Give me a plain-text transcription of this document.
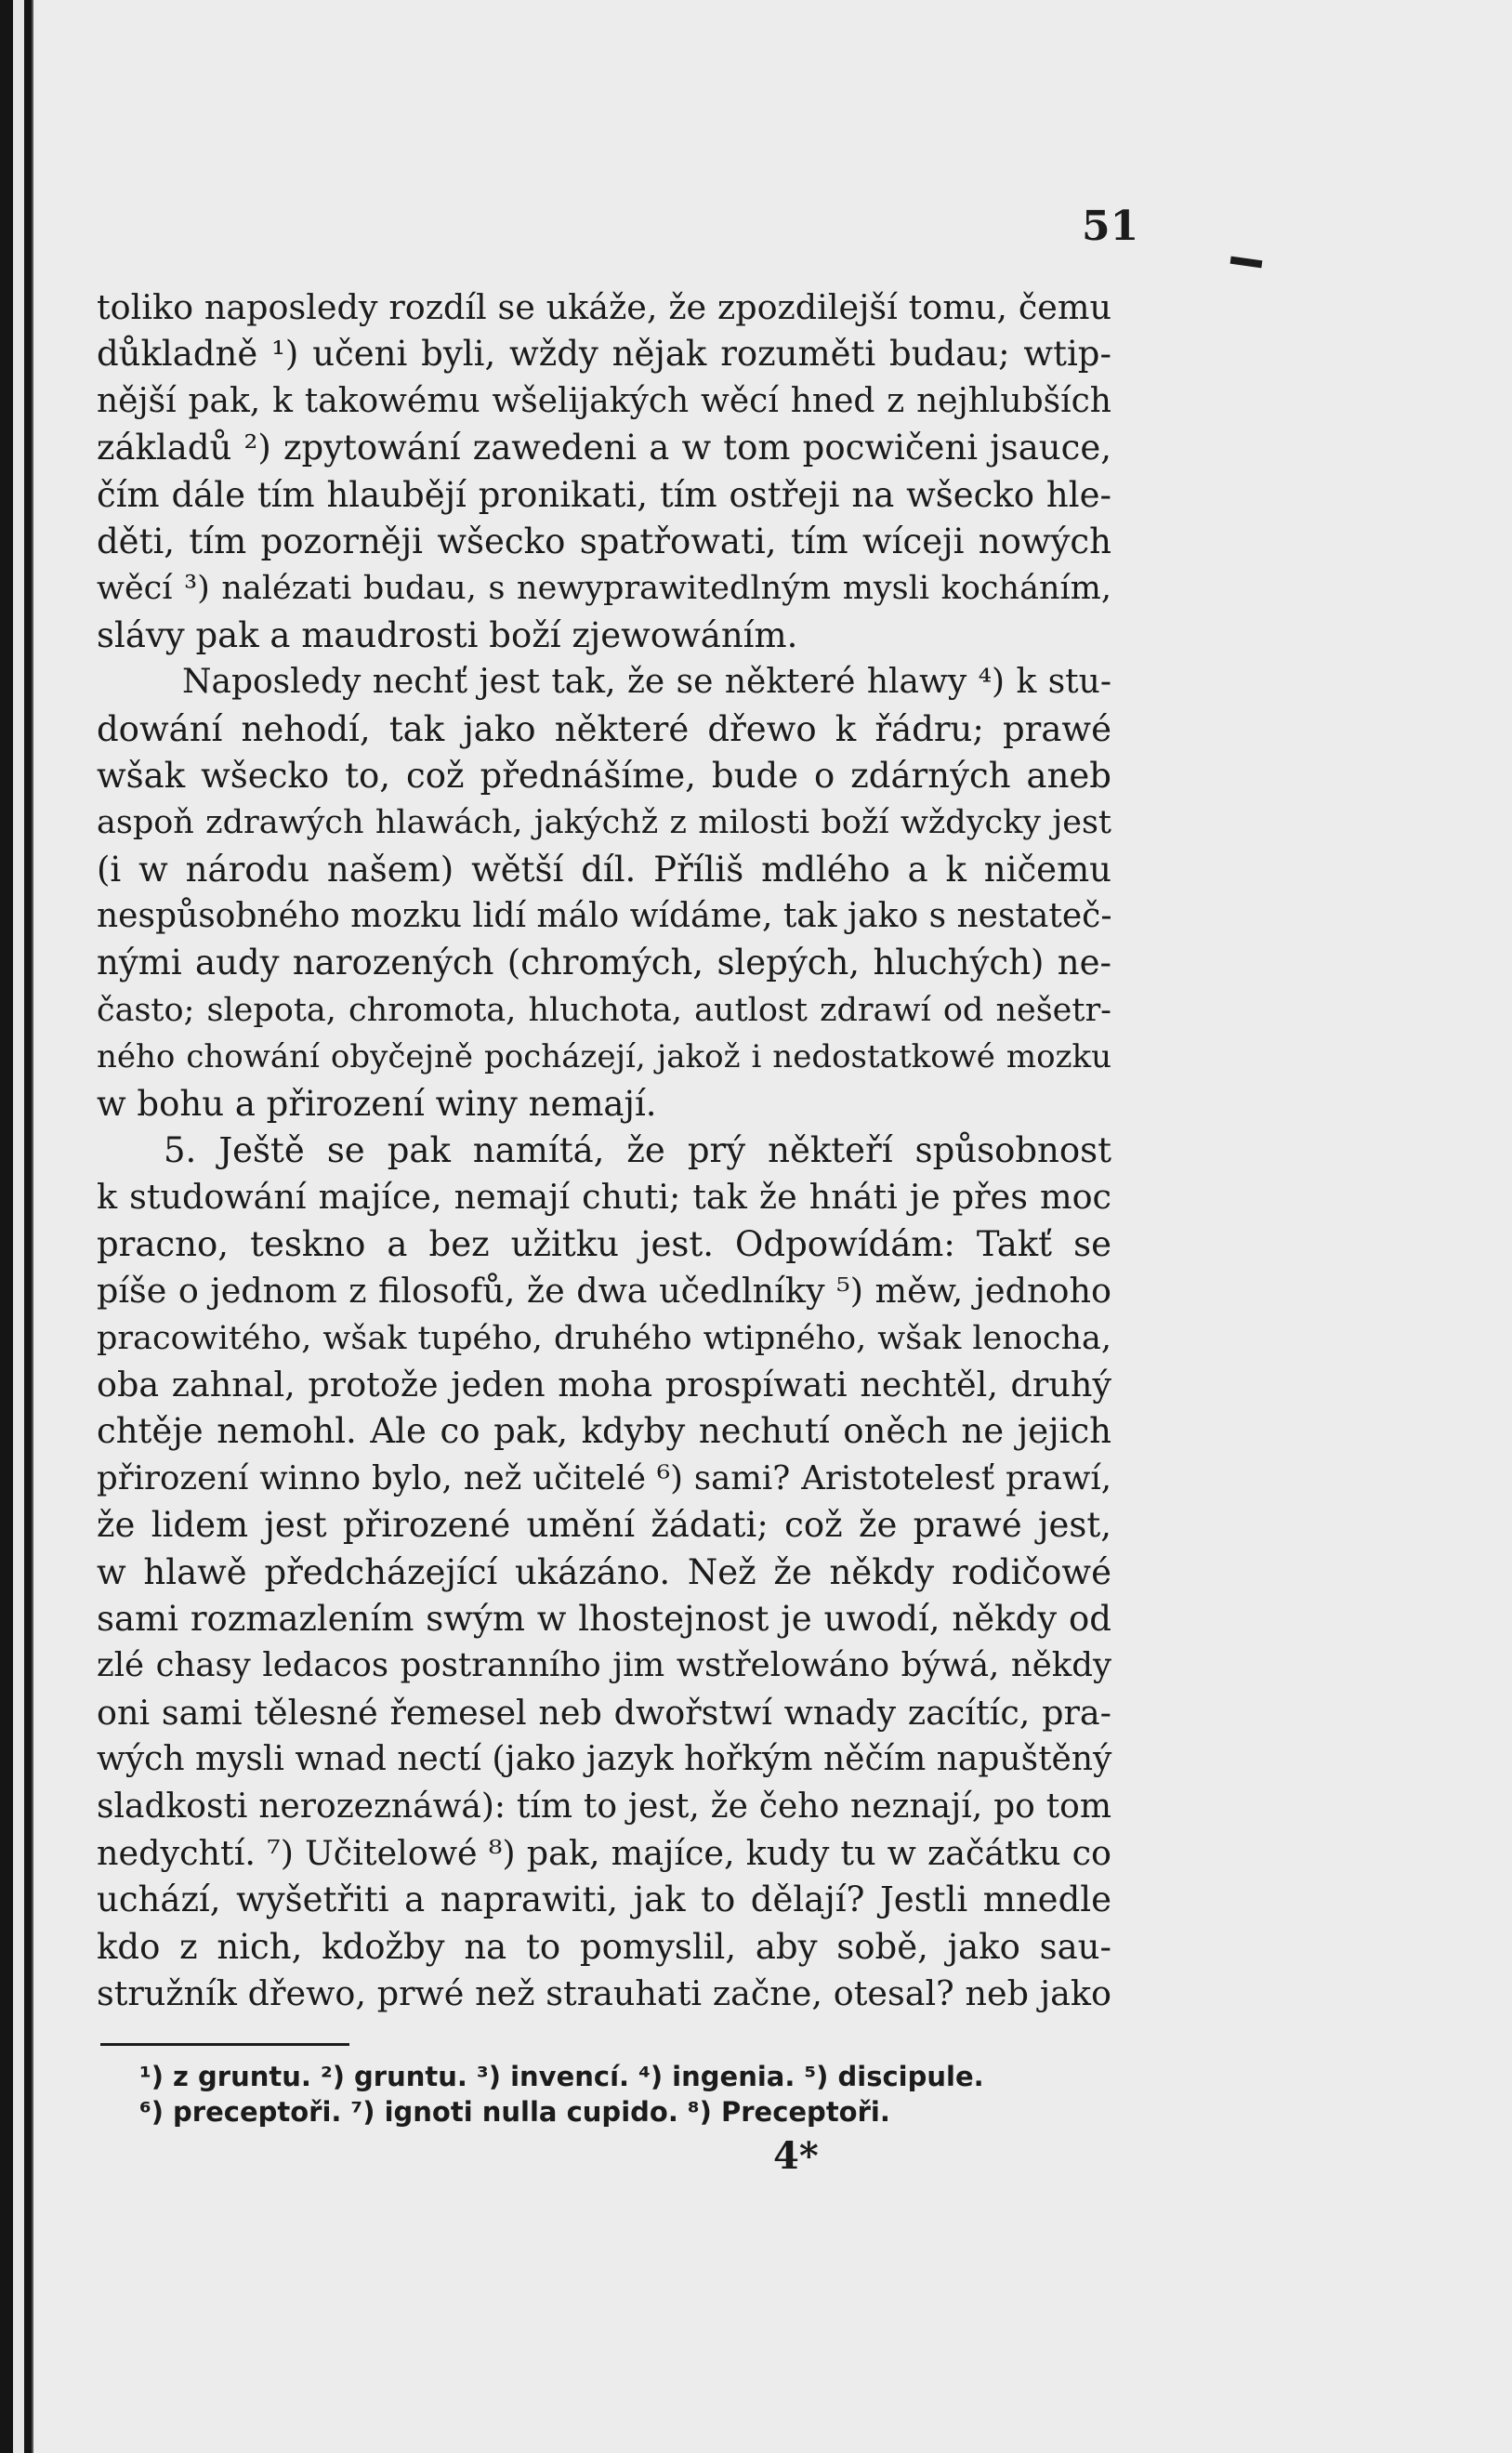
51

toliko naposledy rozdíl se ukáže, že zpozdilejší tomu, čemu
důkladně ¹) učeni byli, wždy nějak rozuměti budau; wtip-
nější pak, k takowému wšelijakých wěcí hned z nejhlubších
základů ²) zpytowání zawedeni a w tom pocwičeni jsauce,
čím dále tím hlaubějí pronikati, tím ostřeji na wšecko hle-
děti, tím pozorněji wšecko spatřowati, tím wíceji nowých
wěcí ³) nalézati budau, s newyprawitedlným mysli kocháním,
slávy pak a maudrosti boží zjewowáním.
Naposledy nechť jest tak, že se některé hlawy ⁴) k stu-
dowání nehodí, tak jako některé dřewo k řádru; prawé
wšak wšecko to, což přednášíme, bude o zdárných aneb
aspoň zdrawých hlawách, jakýchž z milosti boží wždycky jest
(i w národu našem) wětší díl. Příliš mdlého a k ničemu
nespůsobného mozku lidí málo wídáme, tak jako s nestateč-
nými audy narozených (chromých, slepých, hluchých) ne-
často; slepota, chromota, hluchota, autlost zdrawí od nešetr-
ného chowání obyčejně pocházejí, jakož i nedostatkowé mozku
w bohu a přirození winy nemají.
5. Ještě se pak namítá, že prý někteří spůsobnost
k studowání majíce, nemají chuti; tak že hnáti je přes moc
pracno, teskno a bez užitku jest. Odpowídám: Takť se
píše o jednom z filosofů, že dwa učedlníky ⁵) měw, jednoho
pracowitého, wšak tupého, druhého wtipného, wšak lenocha,
oba zahnal, protože jeden moha prospíwati nechtěl, druhý
chtěje nemohl. Ale co pak, kdyby nechutí oněch ne jejich
přirození winno bylo, než učitelé ⁶) sami? Aristotelesť prawí,
že lidem jest přirozené umění žádati; což že prawé jest,
w hlawě předcházející ukázáno. Než že někdy rodičowé
sami rozmazlením swým w lhostejnost je uwodí, někdy od
zlé chasy ledacos postranního jim wstřelowáno býwá, někdy
oni sami tělesné řemesel neb dwořstwí wnady zacítíc, pra-
wých mysli wnad nectí (jako jazyk hořkým něčím napuštěný
sladkosti nerozeznáwá): tím to jest, že čeho neznají, po tom
nedychtí. ⁷) Učitelowé ⁸) pak, majíce, kudy tu w začátku co
uchází, wyšetřiti a naprawiti, jak to dělají? Jestli mnedle
kdo z nich, kdožby na to pomyslil, aby sobě, jako sau-
stružník dřewo, prwé než strauhati začne, otesal? neb jako
¹) z gruntu. ²) gruntu. ³) invencí. ⁴) ingenia. ⁵) discipule.
⁶) preceptoři. ⁷) ignoti nulla cupido. ⁸) Preceptoři.

4*
